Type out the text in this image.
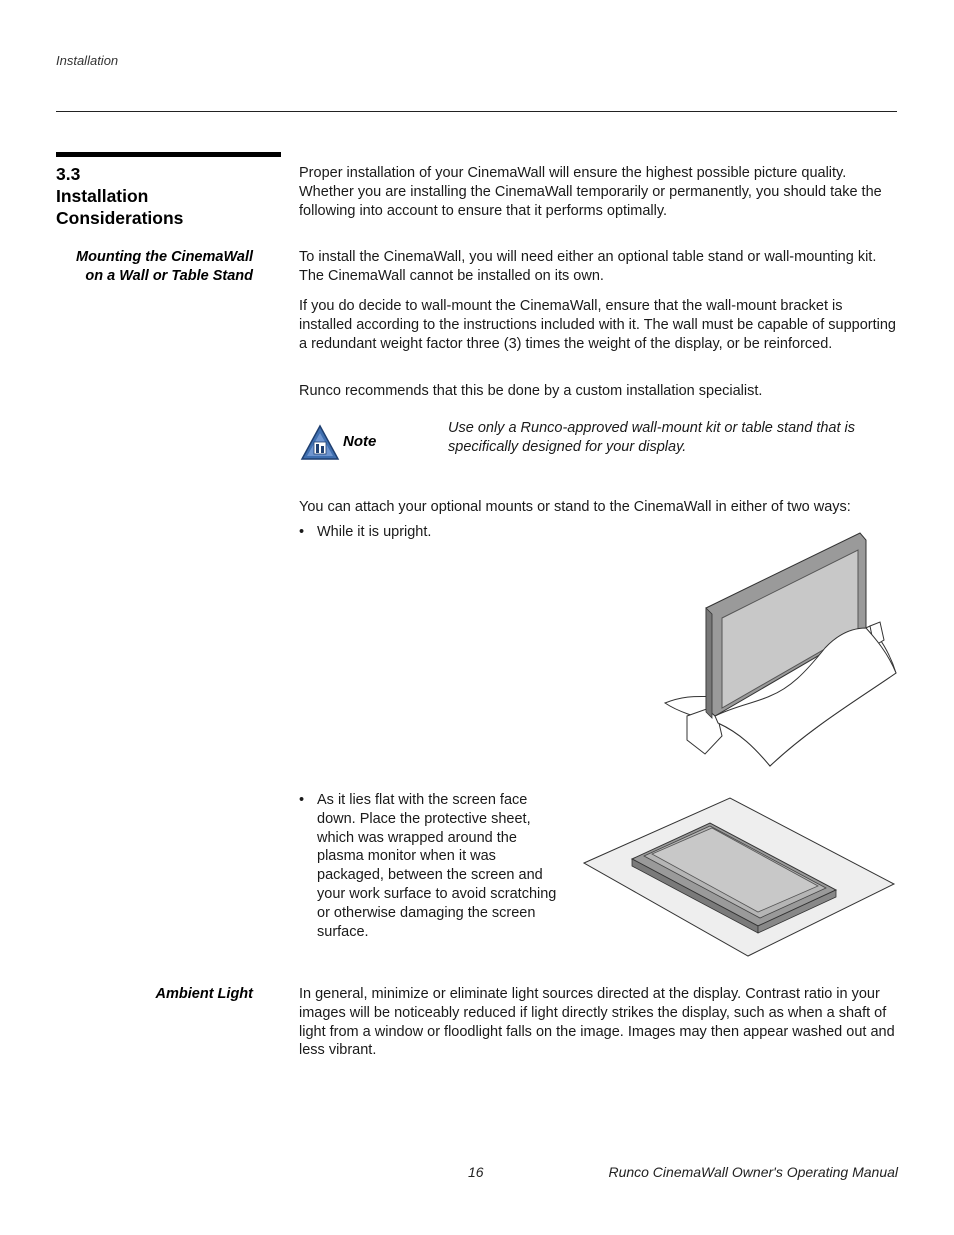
Installation
3.3
Installation
Considerations
Proper installation of your CinemaWall will ensure the highest possible picture quality. Whether you are installing the CinemaWall temporarily or permanently, you should take the following into account to ensure that it performs optimally.
Mounting the CinemaWall
on a Wall or Table Stand
To install the CinemaWall, you will need either an optional table stand or wall-mounting kit. The CinemaWall cannot be installed on its own.
If you do decide to wall-mount the CinemaWall, ensure that the wall-mount bracket is installed according to the instructions included with it. The wall must be capable of supporting a redundant weight factor three (3) times the weight of the display, or be reinforced.
Runco recommends that this be done by a custom installation specialist.
Note
Use only a Runco-approved wall-mount kit or table stand that is specifically designed for your display.
You can attach your optional mounts or stand to the CinemaWall in either of two ways:
• While it is upright.
• As it lies flat with the screen face down. Place the protective sheet, which was wrapped around the plasma monitor when it was packaged, between the screen and your work surface to avoid scratching or otherwise damaging the screen surface.
Ambient Light	In general, minimize or eliminate light sources directed at the display. Contrast ratio in your images will be noticeably reduced if light directly strikes the display, such as when a shaft of light from a window or floodlight falls on the image. Images may then appear washed out and less vibrant.
16	Runco CinemaWall Owner's Operating Manual
